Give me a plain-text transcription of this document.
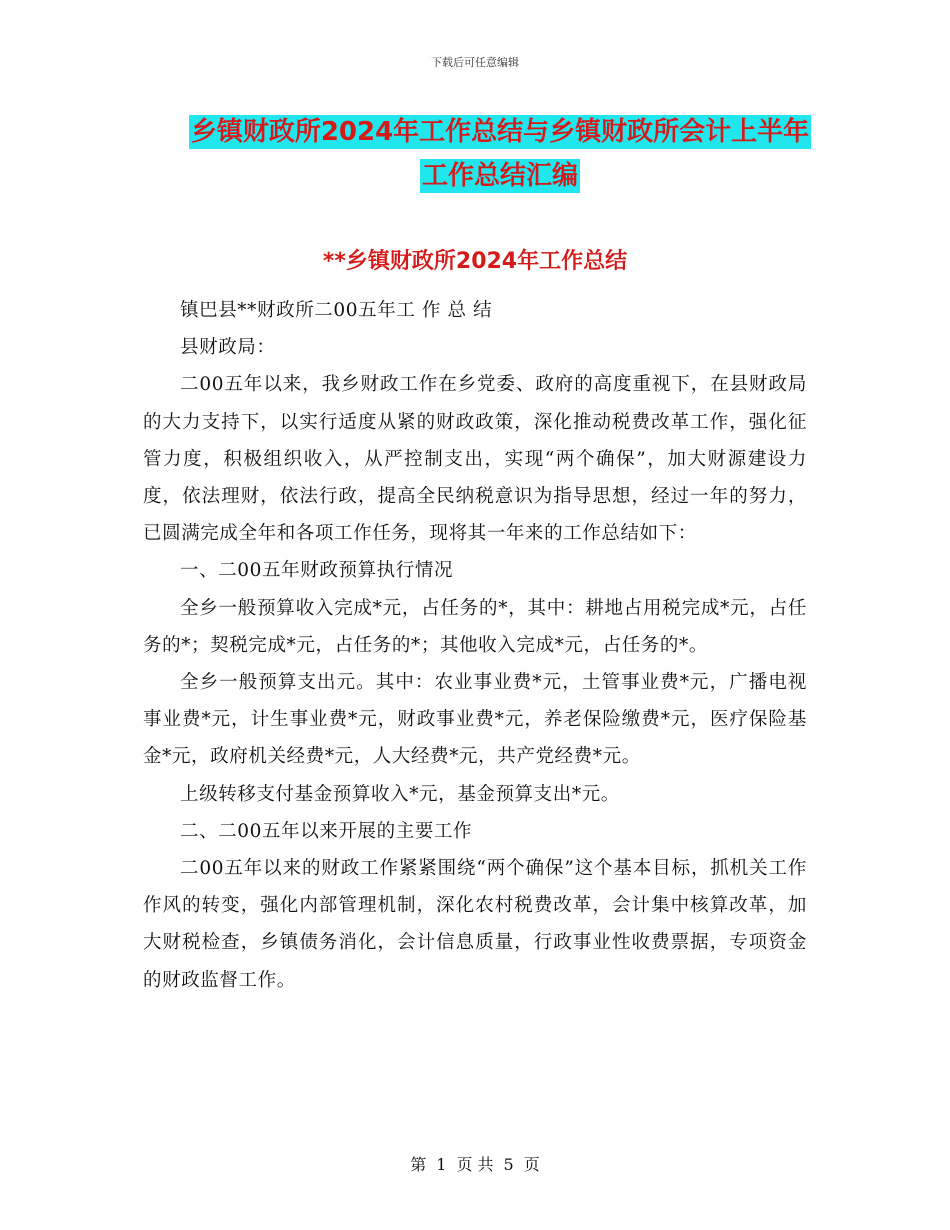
下载后可任意编辑
乡镇财政所2024年工作总结与乡镇财政所会计上半年
工作总结汇编
**乡镇财政所2024年工作总结

镇巴县**财政所二00五年工 作 总 结

县财政局：

二00五年以来，我乡财政工作在乡党委、政府的高度重视下，在县财政局的大力支持下，以实行适度从紧的财政政策，深化推动税费改革工作，强化征管力度，积极组织收入，从严控制支出，实现“两个确保”，加大财源建设力度，依法理财，依法行政，提高全民纳税意识为指导思想，经过一年的努力，已圆满完成全年和各项工作任务，现将其一年来的工作总结如下：

一、二00五年财政预算执行情况

全乡一般预算收入完成*元，占任务的*，其中：耕地占用税完成*元，占任务的*；契税完成*元，占任务的*；其他收入完成*元，占任务的*。

全乡一般预算支出元。其中：农业事业费*元，土管事业费*元，广播电视事业费*元，计生事业费*元，财政事业费*元，养老保险缴费*元，医疗保险基金*元，政府机关经费*元，人大经费*元，共产党经费*元。

上级转移支付基金预算收入*元，基金预算支出*元。

二、二00五年以来开展的主要工作

二00五年以来的财政工作紧紧围绕“两个确保”这个基本目标，抓机关工作作风的转变，强化内部管理机制，深化农村税费改革，会计集中核算改革，加大财税检查，乡镇债务消化，会计信息质量，行政事业性收费票据，专项资金的财政监督工作。

第 1 页 共 5 页
